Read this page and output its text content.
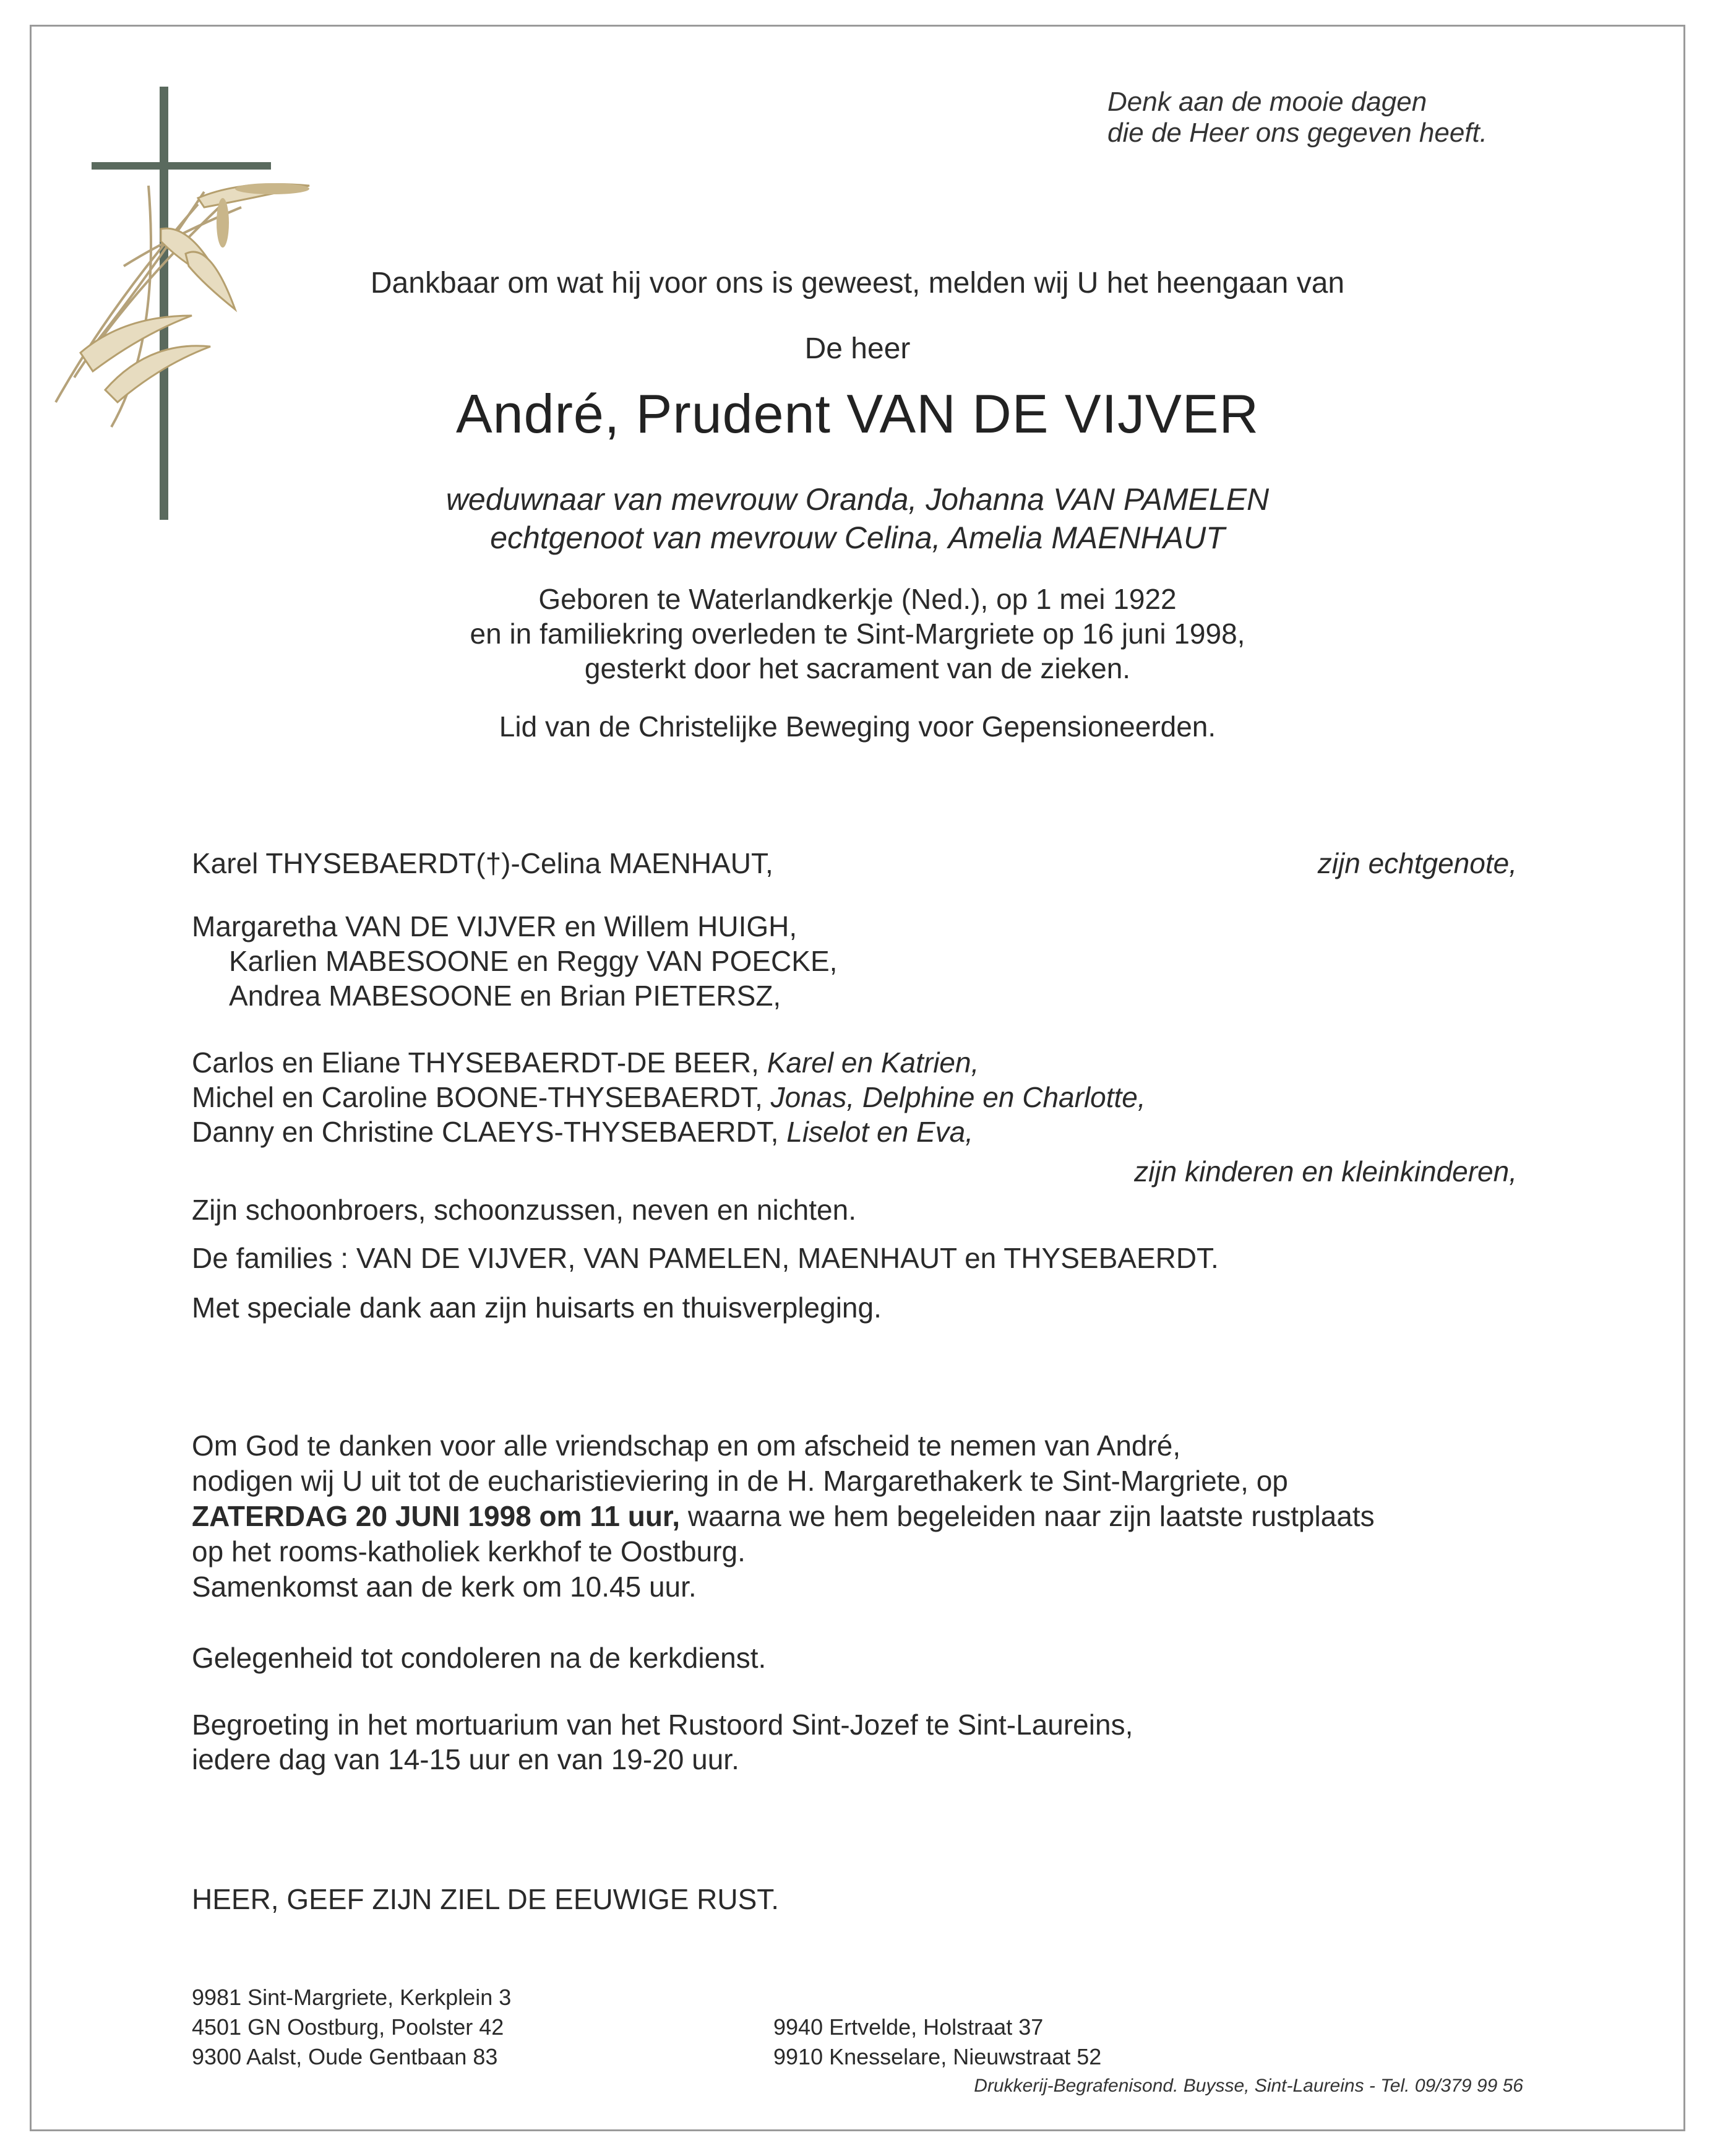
Denk aan de mooie dagen
die de Heer ons gegeven heeft.
Dankbaar om wat hij voor ons is geweest, melden wij U het heengaan van
De heer
André, Prudent VAN DE VIJVER
weduwnaar van mevrouw Oranda, Johanna VAN PAMELEN
echtgenoot van mevrouw Celina, Amelia MAENHAUT
Geboren te Waterlandkerkje (Ned.), op 1 mei 1922
en in familiekring overleden te Sint-Margriete op 16 juni 1998,
gesterkt door het sacrament van de zieken.
Lid van de Christelijke Beweging voor Gepensioneerden.
Karel THYSEBAERDT(†)-Celina MAENHAUT,	zijn echtgenote,
Margaretha VAN DE VIJVER en Willem HUIGH,
Karlien MABESOONE en Reggy VAN POECKE,
Andrea MABESOONE en Brian PIETERSZ,
Carlos en Eliane THYSEBAERDT-DE BEER, Karel en Katrien,
Michel en Caroline BOONE-THYSEBAERDT, Jonas, Delphine en Charlotte,
Danny en Christine CLAEYS-THYSEBAERDT, Liselot en Eva,
zijn kinderen en kleinkinderen,
Zijn schoonbroers, schoonzussen, neven en nichten.
De families : VAN DE VIJVER, VAN PAMELEN, MAENHAUT en THYSEBAERDT.
Met speciale dank aan zijn huisarts en thuisverpleging.
Om God te danken voor alle vriendschap en om afscheid te nemen van André,
nodigen wij U uit tot de eucharistieviering in de H. Margarethakerk te Sint-Margriete, op
ZATERDAG 20 JUNI 1998 om 11 uur, waarna we hem begeleiden naar zijn laatste rustplaats
op het rooms-katholiek kerkhof te Oostburg.
Samenkomst aan de kerk om 10.45 uur.
Gelegenheid tot condoleren na de kerkdienst.
Begroeting in het mortuarium van het Rustoord Sint-Jozef te Sint-Laureins,
iedere dag van 14-15 uur en van 19-20 uur.
HEER, GEEF ZIJN ZIEL DE EEUWIGE RUST.
9981 Sint-Margriete, Kerkplein 3
4501 GN Oostburg, Poolster 42
9300 Aalst, Oude Gentbaan 83
9940 Ertvelde, Holstraat 37
9910 Knesselare, Nieuwstraat 52
Drukkerij-Begrafenisond. Buysse, Sint-Laureins - Tel. 09/379 99 56
